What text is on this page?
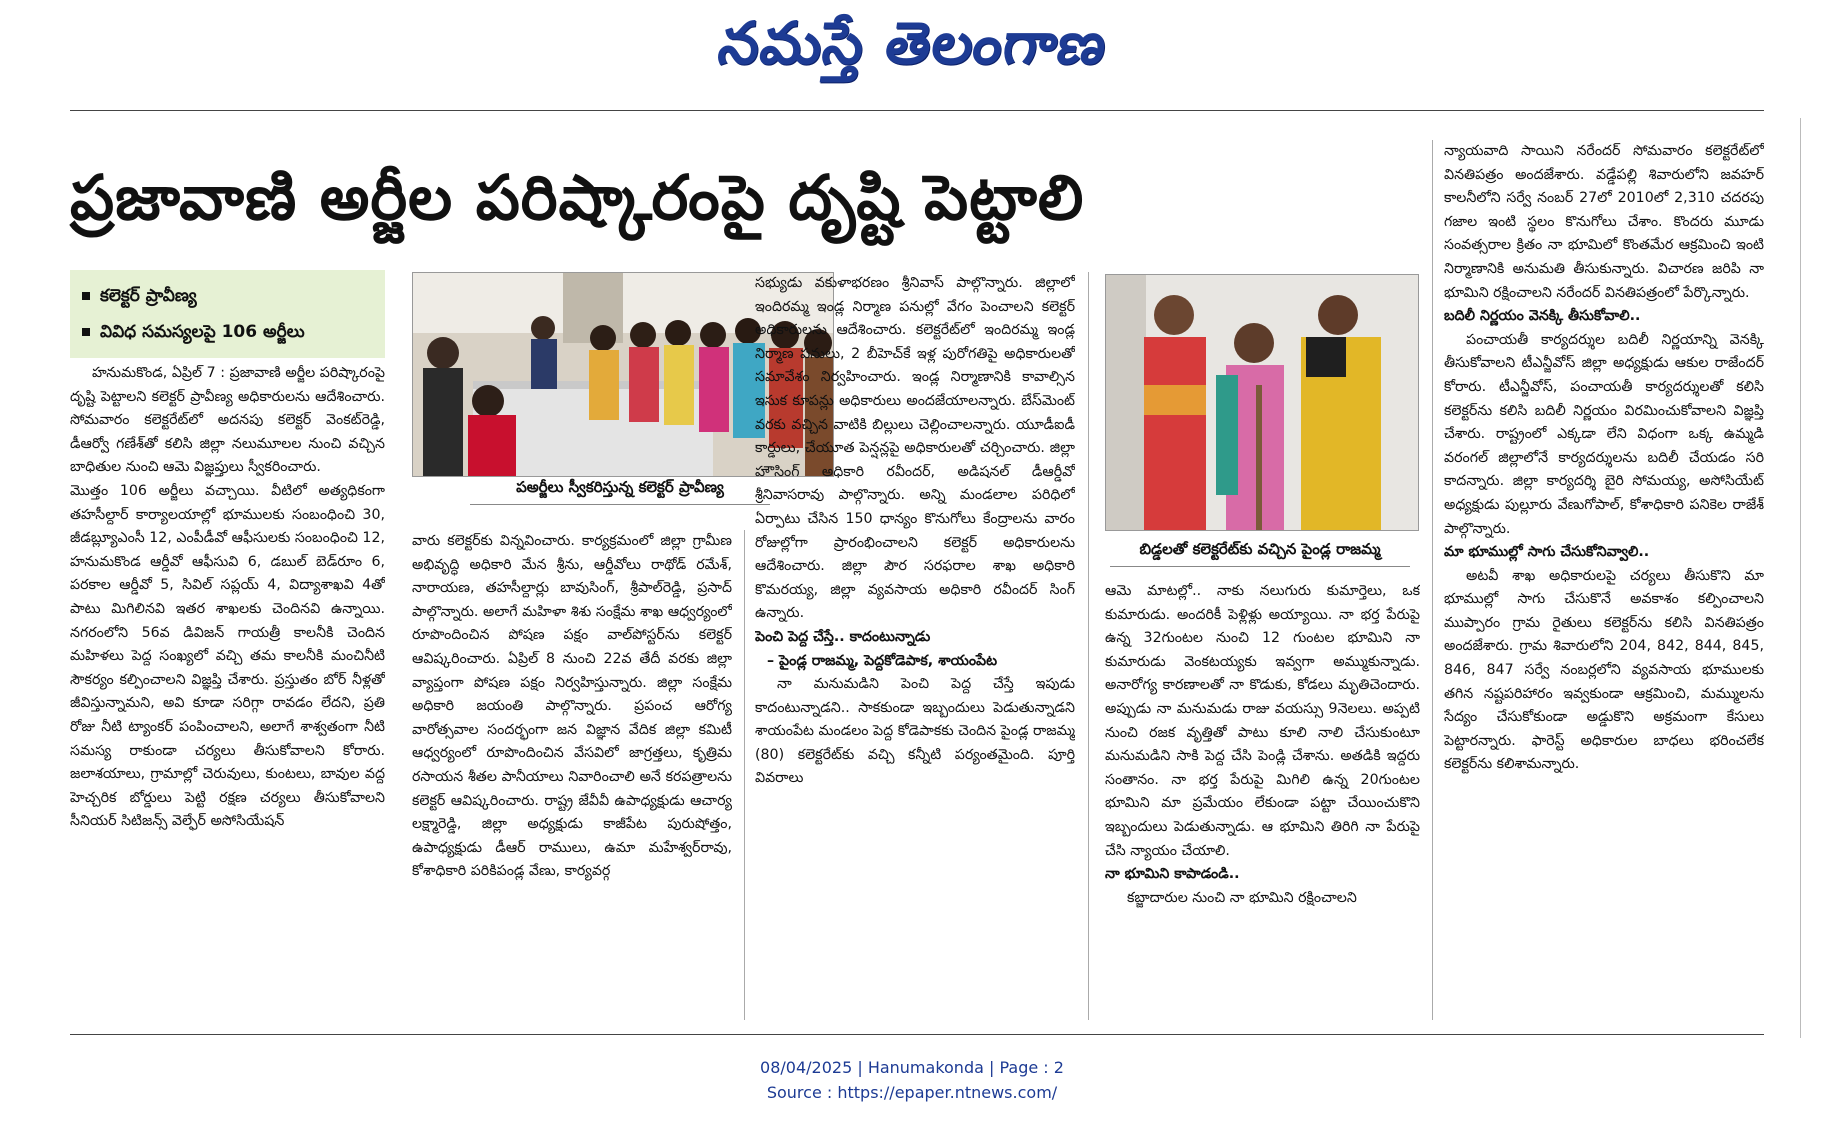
నమస్తే తెలంగాణ
ప్రజావాణి అర్జీల పరిష్కారంపై దృష్టి పెట్టాలి
కలెక్టర్ ప్రావీణ్య
వివిధ సమస్యలపై 106 అర్జీలు

హనుమకొండ, ఏప్రిల్ 7 : ప్రజావాణి అర్జీల పరిష్కారంపై దృష్టి పెట్టాలని కలెక్టర్ ప్రావీణ్య అధికారులను ఆదేశించారు. సోమవారం కలెక్టరేట్‌లో అదనపు కలెక్టర్ వెంకట్‌రెడ్డి, డీఆర్వో గణేశ్‌తో కలిసి జిల్లా నలుమూలల నుంచి వచ్చిన బాధితుల నుంచి ఆమె విజ్ఞప్తులు స్వీకరించారు.

మొత్తం 106 అర్జీలు వచ్చాయి. వీటిలో అత్యధికంగా తహసీల్దార్ కార్యాలయాల్లో భూములకు సంబంధించి 30, జీడబ్ల్యూఎంసీ 12, ఎంపీడీవో ఆఫీసులకు సంబంధించి 12, హనుమకొండ ఆర్డీవో ఆఫీసువి 6, డబుల్ బెడ్‌రూం 6, పరకాల ఆర్డీవో 5, సివిల్ సప్లయ్ 4, విద్యాశాఖవి 4తో పాటు మిగిలినవి ఇతర శాఖలకు చెందినవి ఉన్నాయి. నగరంలోని 56వ డివిజన్ గాయత్రీ కాలనీకి చెందిన మహిళలు పెద్ద సంఖ్యలో వచ్చి తమ కాలనీకి మంచినీటి సౌకర్యం కల్పించాలని విజ్ఞప్తి చేశారు. ప్రస్తుతం బోర్ నీళ్లతో జీవిస్తున్నామని, అవి కూడా సరిగ్గా రావడం లేదని, ప్రతి రోజు నీటి ట్యాంకర్ పంపించాలని, అలాగే శాశ్వతంగా నీటి సమస్య రాకుండా చర్యలు తీసుకోవాలని కోరారు. జలాశయాలు, గ్రామాల్లో చెరువులు, కుంటలు, బావుల వద్ద హెచ్చరిక బోర్డులు పెట్టి రక్షణ చర్యలు తీసుకోవాలని సీనియర్ సిటిజన్స్ వెల్ఫేర్ అసోసియేషన్

పఅర్జీలు స్వీకరిస్తున్న కలెక్టర్ ప్రావీణ్య

వారు కలెక్టర్‌కు విన్నవించారు. కార్యక్రమంలో జిల్లా గ్రామీణ అభివృద్ధి అధికారి మేన శ్రీను, ఆర్డీవోలు రాథోడ్ రమేశ్, నారాయణ, తహసీల్దార్లు బావుసింగ్, శ్రీపాల్‌రెడ్డి, ప్రసాద్ పాల్గొన్నారు. అలాగే మహిళా శిశు సంక్షేమ శాఖ ఆధ్వర్యంలో రూపొందించిన పోషణ పక్షం వాల్‌పోస్టర్‌ను కలెక్టర్ ఆవిష్కరించారు. ఏప్రిల్ 8 నుంచి 22వ తేదీ వరకు జిల్లా వ్యాప్తంగా పోషణ పక్షం నిర్వహిస్తున్నారు. జిల్లా సంక్షేమ అధికారి జయంతి పాల్గొన్నారు. ప్రపంచ ఆరోగ్య వారోత్సవాల సందర్భంగా జన విజ్ఞాన వేదిక జిల్లా కమిటీ ఆధ్వర్యంలో రూపొందించిన వేసవిలో జాగ్రత్తలు, కృత్రిమ రసాయన శీతల పానీయాలు నివారించాలి అనే కరపత్రాలను కలెక్టర్ ఆవిష్కరించారు. రాష్ట్ర జేవీవీ ఉపాధ్యక్షుడు ఆచార్య లక్ష్మారెడ్డి, జిల్లా అధ్యక్షుడు కాజీపేట పురుషోత్తం, ఉపాధ్యక్షుడు డీఆర్ రాములు, ఉమా మహేశ్వర్‌రావు, కోశాధికారి పరికిపండ్ల వేణు, కార్యవర్గ

సభ్యుడు వకుళాభరణం శ్రీనివాస్ పాల్గొన్నారు. జిల్లాలో ఇందిరమ్మ ఇండ్ల నిర్మాణ పనుల్లో వేగం పెంచాలని కలెక్టర్ అధికారులను ఆదేశించారు. కలెక్టరేట్‌లో ఇందిరమ్మ ఇండ్ల నిర్మాణ పనులు, 2 బీహెచ్‌కే ఇళ్ల పురోగతిపై అధికారులతో సమావేశం నిర్వహించారు. ఇండ్ల నిర్మాణానికి కావాల్సిన ఇసుక కూపన్లు అధికారులు అందజేయాలన్నారు. బేస్‌మెంట్ వరకు వచ్చిన వాటికి బిల్లులు చెల్లించాలన్నారు. యూడీఐడీ కార్డులు, చేయూత పెన్షన్లపై అధికారులతో చర్చించారు. జిల్లా హౌసింగ్ అధికారి రవీందర్, అడిషనల్ డీఆర్డీవో శ్రీనివాసరావు పాల్గొన్నారు. అన్ని మండలాల పరిధిలో ఏర్పాటు చేసిన 150 ధాన్యం కొనుగోలు కేంద్రాలను వారం రోజుల్లోగా ప్రారంభించాలని కలెక్టర్ అధికారులను ఆదేశించారు. జిల్లా పౌర సరఫరాల శాఖ అధికారి కొమరయ్య, జిల్లా వ్యవసాయ అధికారి రవీందర్ సింగ్ ఉన్నారు.

పెంచి పెద్ద చేస్తే.. కాదంటున్నాడు

– పైండ్ల రాజమ్మ, పెద్దకోడెపాక, శాయంపేట

నా మనుమడిని పెంచి పెద్ద చేస్తే ఇపుడు కాదంటున్నాడని.. సాకకుండా ఇబ్బందులు పెడుతున్నాడని శాయంపేట మండలం పెద్ద కోడెపాకకు చెందిన పైండ్ల రాజమ్మ (80) కలెక్టరేట్‌కు వచ్చి కన్నీటి పర్యంతమైంది. పూర్తి వివరాలు

బిడ్డలతో కలెక్టరేట్‌కు వచ్చిన పైండ్ల రాజమ్మ

ఆమె మాటల్లో.. నాకు నలుగురు కుమార్తెలు, ఒక కుమారుడు. అందరికీ పెళ్లిళ్లు అయ్యాయి. నా భర్త పేరుపై ఉన్న 32గుంటల నుంచి 12 గుంటల భూమిని నా కుమారుడు వెంకటయ్యకు ఇవ్వగా అమ్ముకున్నాడు. అనారోగ్య కారణాలతో నా కొడుకు, కోడలు మృతిచెందారు. అప్పుడు నా మనుమడు రాజు వయస్సు 9నెలలు. అప్పటి నుంచి రజక వృత్తితో పాటు కూలి నాలి చేసుకుంటూ మనుమడిని సాకి పెద్ద చేసి పెండ్లి చేశాను. అతడికి ఇద్దరు సంతానం. నా భర్త పేరుపై మిగిలి ఉన్న 20గుంటల భూమిని మా ప్రమేయం లేకుండా పట్టా చేయించుకొని ఇబ్బందులు పెడుతున్నాడు. ఆ భూమిని తిరిగి నా పేరుపై చేసి న్యాయం చేయాలి.

నా భూమిని కాపాడండి..

కబ్జాదారుల నుంచి నా భూమిని రక్షించాలని

న్యాయవాది సాయిని నరేందర్ సోమవారం కలెక్టరేట్‌లో వినతిపత్రం అందజేశారు. వడ్డేపల్లి శివారులోని జవహర్ కాలనీలోని సర్వే నంబర్ 27లో 2010లో 2,310 చదరపు గజాల ఇంటి స్థలం కొనుగోలు చేశాం. కొందరు మూడు సంవత్సరాల క్రితం నా భూమిలో కొంతమేర ఆక్రమించి ఇంటి నిర్మాణానికి అనుమతి తీసుకున్నారు. విచారణ జరిపి నా భూమిని రక్షించాలని నరేందర్ వినతిపత్రంలో పేర్కొన్నారు.

బదిలీ నిర్ణయం వెనక్కి తీసుకోవాలి..

పంచాయతీ కార్యదర్శుల బదిలీ నిర్ణయాన్ని వెనక్కి తీసుకోవాలని టీఎన్జీవోస్ జిల్లా అధ్యక్షుడు ఆకుల రాజేందర్ కోరారు. టీఎన్జీవోస్, పంచాయతీ కార్యదర్శులతో కలిసి కలెక్టర్‌ను కలిసి బదిలీ నిర్ణయం విరమించుకోవాలని విజ్ఞప్తి చేశారు. రాష్ట్రంలో ఎక్కడా లేని విధంగా ఒక్క ఉమ్మడి వరంగల్ జిల్లాలోనే కార్యదర్శులను బదిలీ చేయడం సరి కాదన్నారు. జిల్లా కార్యదర్శి బైరి సోమయ్య, అసోసియేట్ అధ్యక్షుడు పుల్లూరు వేణుగోపాల్, కోశాధికారి పనికెల రాజేశ్ పాల్గొన్నారు.

మా భూముల్లో సాగు చేసుకోనివ్వాలి..

అటవీ శాఖ అధికారులపై చర్యలు తీసుకొని మా భూముల్లో సాగు చేసుకొనే అవకాశం కల్పించాలని ముప్పారం గ్రామ రైతులు కలెక్టర్‌ను కలిసి వినతిపత్రం అందజేశారు. గ్రామ శివారులోని 204, 842, 844, 845, 846, 847 సర్వే నంబర్లలోని వ్యవసాయ భూములకు తగిన నష్టపరిహారం ఇవ్వకుండా ఆక్రమించి, మమ్ములను సేద్యం చేసుకోకుండా అడ్డుకొని అక్రమంగా కేసులు పెట్టారన్నారు. ఫారెస్ట్ అధికారుల బాధలు భరించలేక కలెక్టర్‌ను కలిశామన్నారు.

08/04/2025 | Hanumakonda | Page : 2
Source : https://epaper.ntnews.com/
